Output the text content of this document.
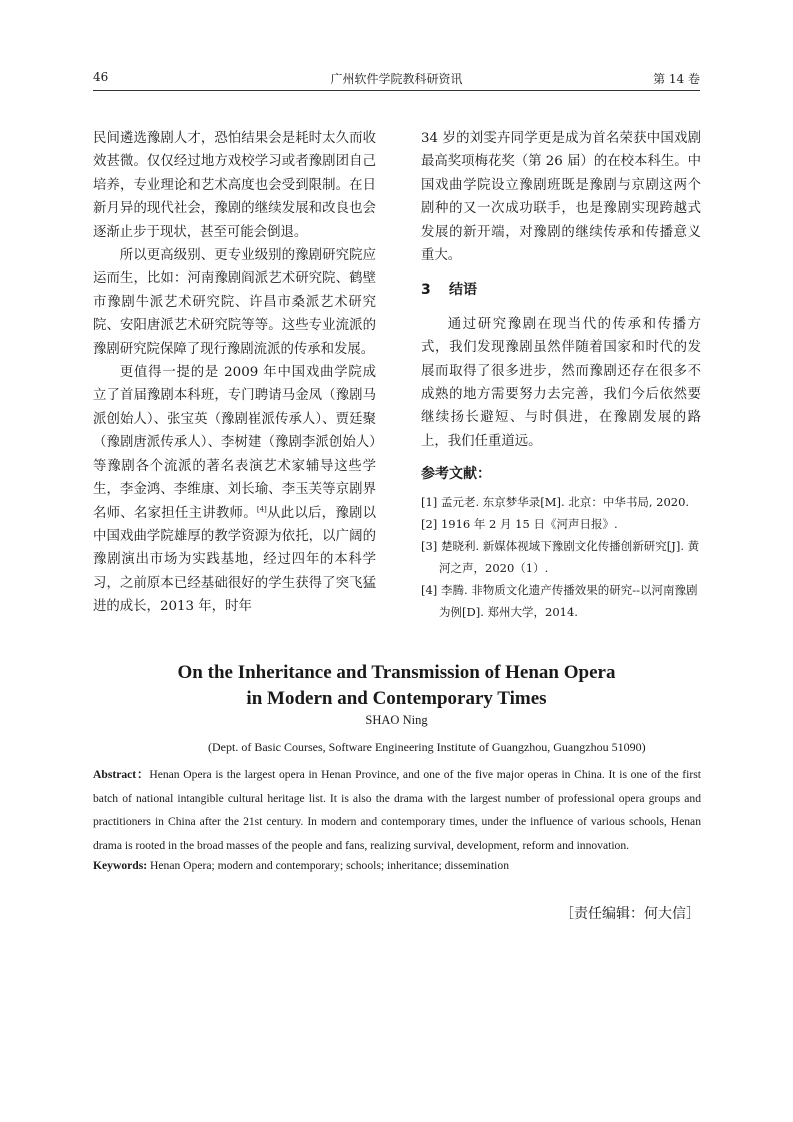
46	广州软件学院教科研资讯	第 14 卷

民间遴选豫剧人才，恐怕结果会是耗时太久而收效甚微。仅仅经过地方戏校学习或者豫剧团自己培养，专业理论和艺术高度也会受到限制。在日新月异的现代社会，豫剧的继续发展和改良也会逐渐止步于现状，甚至可能会倒退。

所以更高级别、更专业级别的豫剧研究院应运而生，比如：河南豫剧阎派艺术研究院、鹤壁市豫剧牛派艺术研究院、许昌市桑派艺术研究院、安阳唐派艺术研究院等等。这些专业流派的豫剧研究院保障了现行豫剧流派的传承和发展。

更值得一提的是 2009 年中国戏曲学院成立了首届豫剧本科班，专门聘请马金凤（豫剧马派创始人）、张宝英（豫剧崔派传承人）、贾廷聚（豫剧唐派传承人）、李树建（豫剧李派创始人）等豫剧各个流派的著名表演艺术家辅导这些学生，李金鸿、李维康、刘长瑜、李玉芙等京剧界名师、名家担任主讲教师。[4]从此以后，豫剧以中国戏曲学院雄厚的教学资源为依托，以广阔的豫剧演出市场为实践基地，经过四年的本科学习，之前原本已经基础很好的学生获得了突飞猛进的成长，2013 年，时年

34 岁的刘雯卉同学更是成为首名荣获中国戏剧最高奖项梅花奖（第 26 届）的在校本科生。中国戏曲学院设立豫剧班既是豫剧与京剧这两个剧种的又一次成功联手，也是豫剧实现跨越式发展的新开端，对豫剧的继续传承和传播意义重大。

3 结语

通过研究豫剧在现当代的传承和传播方式，我们发现豫剧虽然伴随着国家和时代的发展而取得了很多进步，然而豫剧还存在很多不成熟的地方需要努力去完善，我们今后依然要继续扬长避短、与时俱进，在豫剧发展的路上，我们任重道远。

参考文献：

[1] 孟元老. 东京梦华录[M]. 北京：中华书局, 2020.
[2] 1916 年 2 月 15 日《河声日报》.
[3] 楚晓利. 新媒体视域下豫剧文化传播创新研究[J]. 黄河之声，2020（1）.
[4] 李腾. 非物质文化遗产传播效果的研究--以河南豫剧为例[D]. 郑州大学，2014.
On the Inheritance and Transmission of Henan Opera
in Modern and Contemporary Times
SHAO Ning
(Dept. of Basic Courses, Software Engineering Institute of Guangzhou, Guangzhou 51090)

Abstract：Henan Opera is the largest opera in Henan Province, and one of the five major operas in China. It is one of the first batch of national intangible cultural heritage list. It is also the drama with the largest number of professional opera groups and practitioners in China after the 21st century. In modern and contemporary times, under the influence of various schools, Henan drama is rooted in the broad masses of the people and fans, realizing survival, development, reform and innovation.

Keywords: Henan Opera; modern and contemporary; schools; inheritance; dissemination

［责任编辑：何大信］
